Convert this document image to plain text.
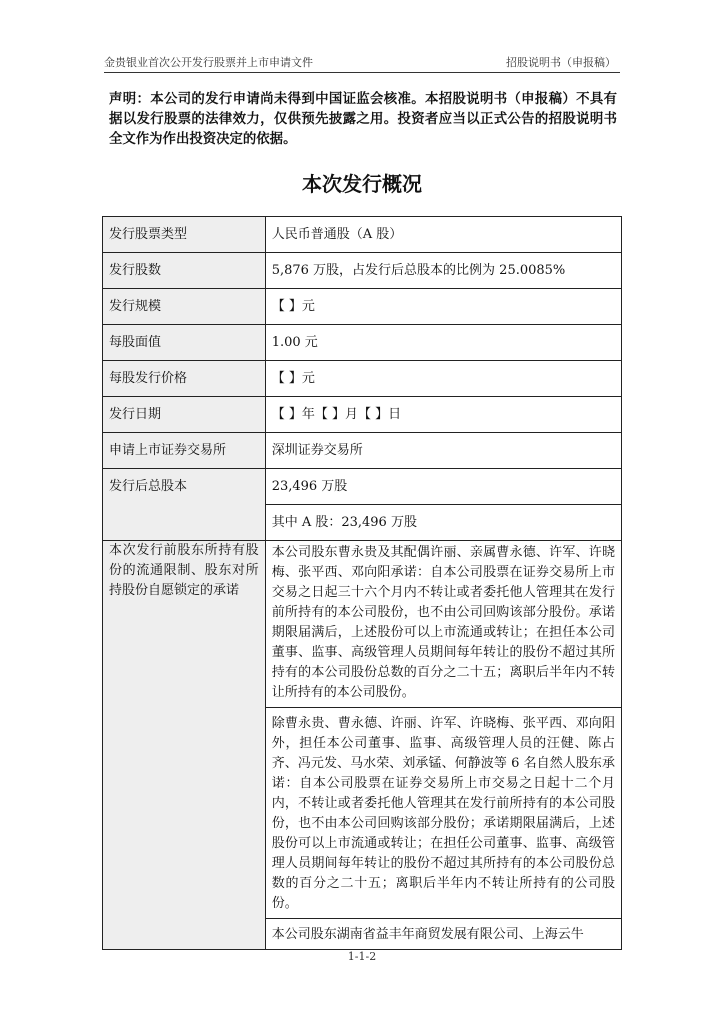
金贵银业首次公开发行股票并上市申请文件	招股说明书（申报稿）
声明：本公司的发行申请尚未得到中国证监会核准。本招股说明书（申报稿）不具有据以发行股票的法律效力，仅供预先披露之用。投资者应当以正式公告的招股说明书全文作为作出投资决定的依据。
本次发行概况
发行股票类型	人民币普通股（A 股）
发行股数	5,876 万股，占发行后总股本的比例为 25.0085%
发行规模	【 】元
每股面值	1.00 元
每股发行价格	【 】元
发行日期	【 】年【 】月【 】日
申请上市证券交易所	深圳证券交易所
发行后总股本	23,496 万股
	其中 A 股：23,496 万股
本次发行前股东所持有股份的流通限制、股东对所持股份自愿锁定的承诺	本公司股东曹永贵及其配偶许丽、亲属曹永德、许军、许晓梅、张平西、邓向阳承诺：自本公司股票在证券交易所上市交易之日起三十六个月内不转让或者委托他人管理其在发行前所持有的本公司股份，也不由公司回购该部分股份。承诺期限届满后，上述股份可以上市流通或转让；在担任本公司董事、监事、高级管理人员期间每年转让的股份不超过其所持有的本公司股份总数的百分之二十五；离职后半年内不转让所持有的本公司股份。
除曹永贵、曹永德、许丽、许军、许晓梅、张平西、邓向阳外，担任本公司董事、监事、高级管理人员的汪健、陈占齐、冯元发、马水荣、刘承锰、何静波等 6 名自然人股东承诺：自本公司股票在证券交易所上市交易之日起十二个月内，不转让或者委托他人管理其在发行前所持有的本公司股份，也不由本公司回购该部分股份；承诺期限届满后，上述股份可以上市流通或转让；在担任公司董事、监事、高级管理人员期间每年转让的股份不超过其所持有的本公司股份总数的百分之二十五；离职后半年内不转让所持有的公司股份。
本公司股东湖南省益丰年商贸发展有限公司、上海云牛
1-1-2
